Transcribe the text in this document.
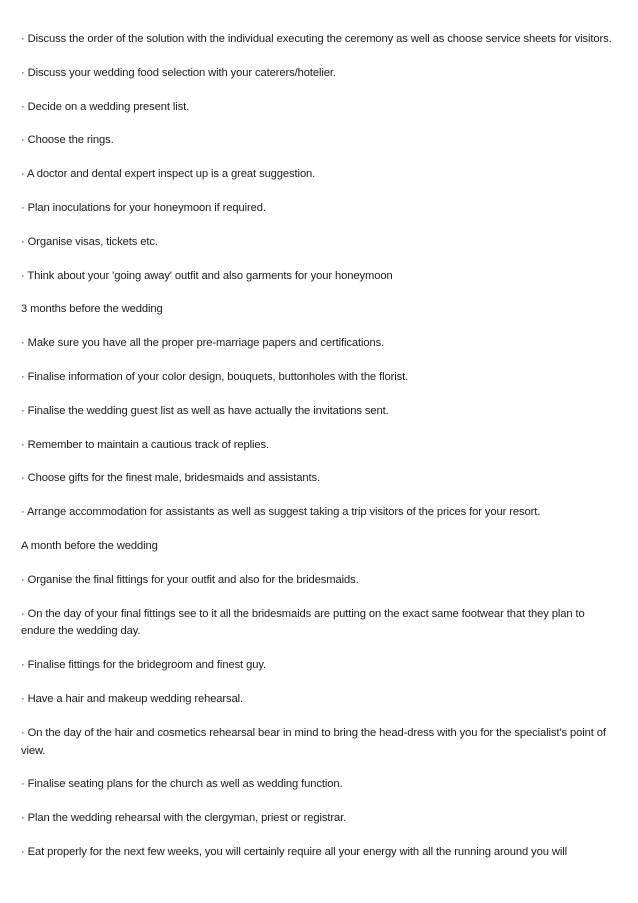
· Discuss the order of the solution with the individual executing the ceremony as well as choose service sheets for visitors.

· Discuss your wedding food selection with your caterers/hotelier.

· Decide on a wedding present list.

· Choose the rings.

· A doctor and dental expert inspect up is a great suggestion.

· Plan inoculations for your honeymoon if required.

· Organise visas, tickets etc.

· Think about your 'going away' outfit and also garments for your honeymoon

3 months before the wedding

· Make sure you have all the proper pre-marriage papers and certifications.

· Finalise information of your color design, bouquets, buttonholes with the florist.

· Finalise the wedding guest list as well as have actually the invitations sent.

· Remember to maintain a cautious track of replies.

· Choose gifts for the finest male, bridesmaids and assistants.

· Arrange accommodation for assistants as well as suggest taking a trip visitors of the prices for your resort.

A month before the wedding

· Organise the final fittings for your outfit and also for the bridesmaids.

· On the day of your final fittings see to it all the bridesmaids are putting on the exact same footwear that they plan to endure the wedding day.

· Finalise fittings for the bridegroom and finest guy.

· Have a hair and makeup wedding rehearsal.

· On the day of the hair and cosmetics rehearsal bear in mind to bring the head-dress with you for the specialist's point of view.

· Finalise seating plans for the church as well as wedding function.

· Plan the wedding rehearsal with the clergyman, priest or registrar.

· Eat properly for the next few weeks, you will certainly require all your energy with all the running around you will
